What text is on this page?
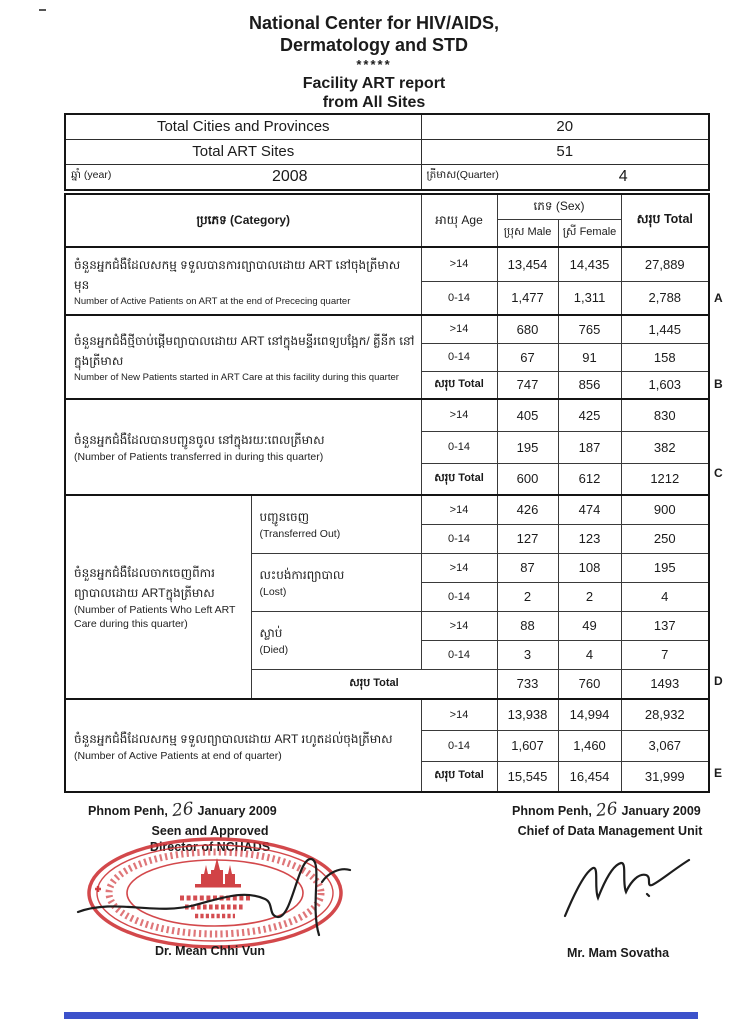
National Center for HIV/AIDS,
Dermatology and STD
*****
Facility ART report
from All Sites
Total Cities and Provinces	20
Total ART Sites	51

ឆ្នាំ (year) 2008	ត្រីមាស(Quarter) 4
ប្រភេទ (Category)		អាយុ Age	ភេទ (Sex)		សរុប Total
			ប្រុស Male	ស្រី Female	

ចំនួនអ្នកជំងឺដែលសកម្ម ទទួលបានការព្យាបាលដោយ ART នៅចុងត្រីមាសមុន
Number of Active Patients on ART at the end of Prececing quarter		>14	13,454	14,435	27,889
		0-14	1,477	1,311	2,788

ចំនួនអ្នកជំងឺថ្មីចាប់ផ្ដើមព្យាបាលដោយ ART នៅក្នុងមន្ទីរពេទ្យបង្អែក/ គ្លីនីក នៅក្នុងត្រីមាស
Number of New Patients started in ART Care at this facility during this quarter		>14	680	765	1,445
		0-14	67	91	158
		សរុប Total	747	856	1,603

ចំនួនអ្នកជំងឺដែលបានបញ្ជូនចូល នៅក្នុងរយៈពេលត្រីមាស
(Number of Patients transferred in during this quarter)		>14	405	425	830
		0-14	195	187	382
		សរុប Total	600	612	1212

ចំនួនអ្នកជំងឺដែលចាកចេញពីការ ព្យាបាលដោយ ARTក្នុងត្រីមាស
(Number of Patients Who Left ART Care during this quarter)	បញ្ជូនចេញ
(Transferred Out)	>14	426	474	900
		0-14	127	123	250

	លះបង់ការព្យាបាល
(Lost)	>14	87	108	195
		0-14	2	2	4

	ស្លាប់
(Died)	>14	88	49	137
		0-14	3	4	7
	សរុប Total		733	760	1493

ចំនួនអ្នកជំងឺដែលសកម្ម ទទួលព្យាបាលដោយ ART រហូតដល់ចុងត្រីមាស
(Number of Active Patients at end of quarter)		>14	13,938	14,994	28,932
		0-14	1,607	1,460	3,067
		សរុប Total	15,545	16,454	31,999
A
B
C
D
E
Phnom Penh, 26 January 2009
Seen and Approved
Director of NCHADS
Dr. Mean Chhi Vun
Phnom Penh, 26 January 2009
Chief of Data Management Unit
Mr. Mam Sovatha
